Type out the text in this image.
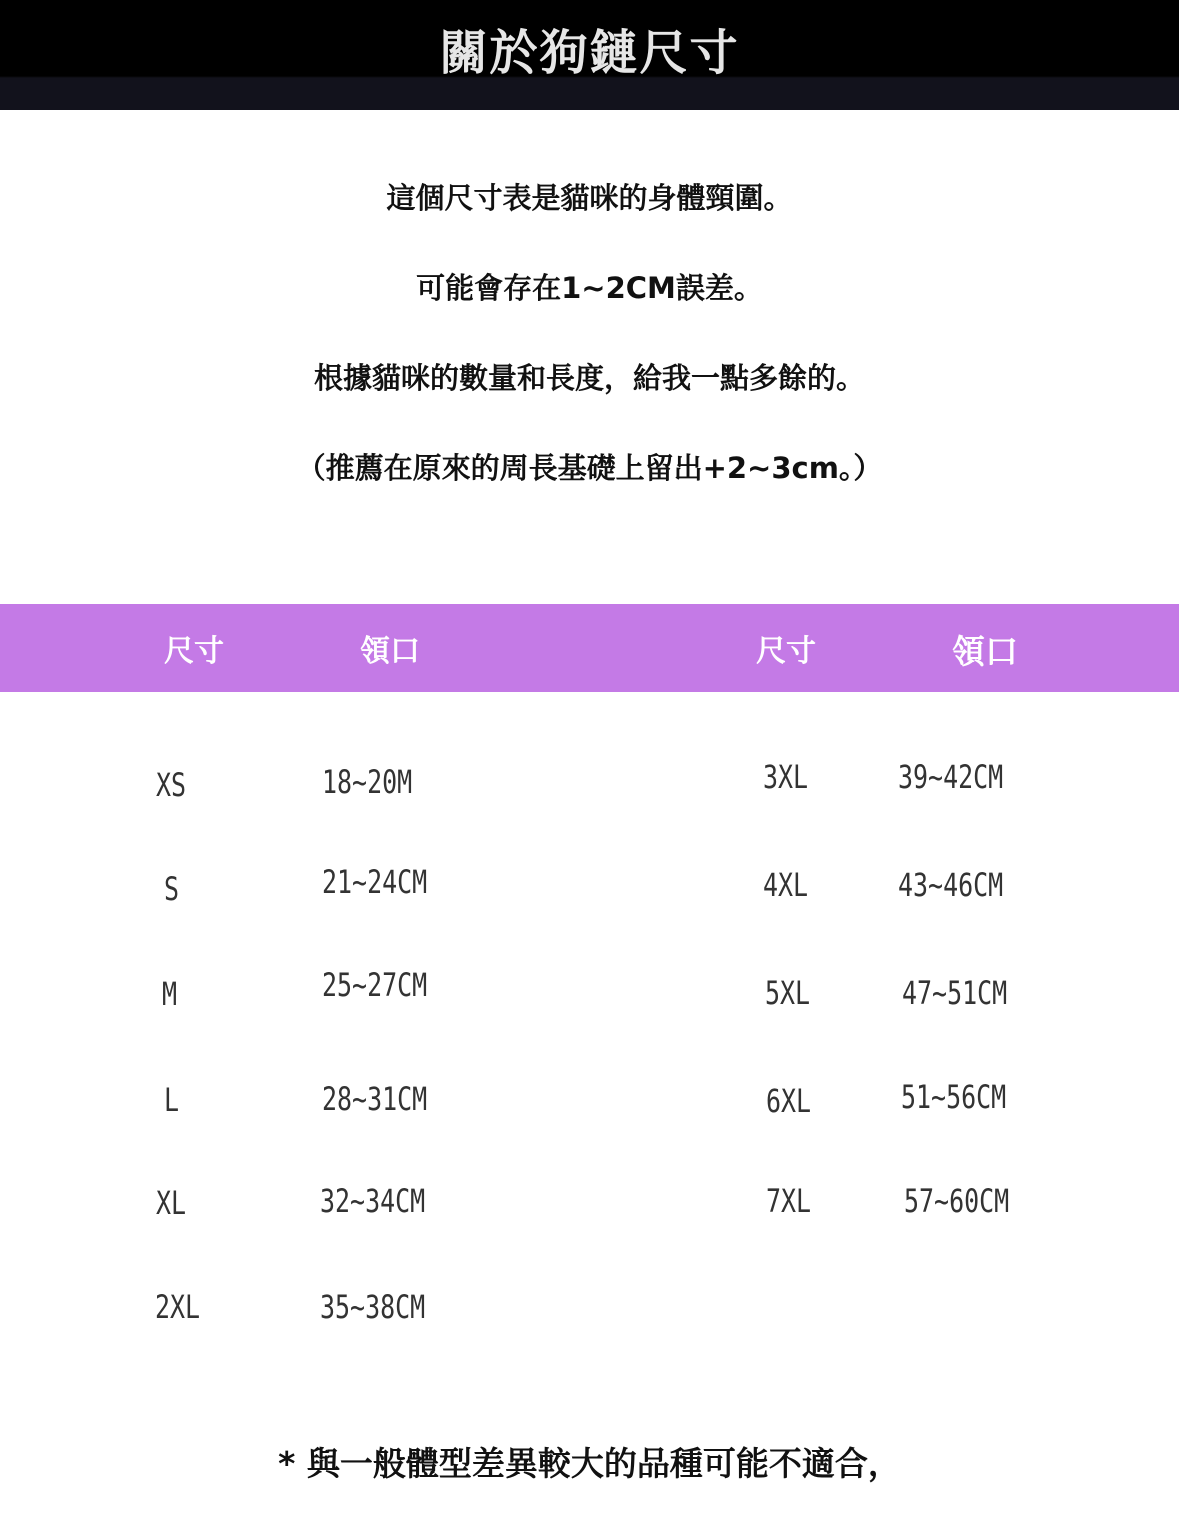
關於狗鏈尺寸
這個尺寸表是貓咪的身體頸圍。
可能會存在1~2CM誤差。
根據貓咪的數量和長度，給我一點多餘的。
（推薦在原來的周長基礎上留出+2~3cm。）
尺寸	領口	尺寸	領口
XS	18~20M
S	21~24CM
M	25~27CM
L	28~31CM
XL	32~34CM
2XL	35~38CM
3XL	39~42CM
4XL	43~46CM
5XL	47~51CM
6XL	51~56CM
7XL	57~60CM
* 與一般體型差異較大的品種可能不適合，
